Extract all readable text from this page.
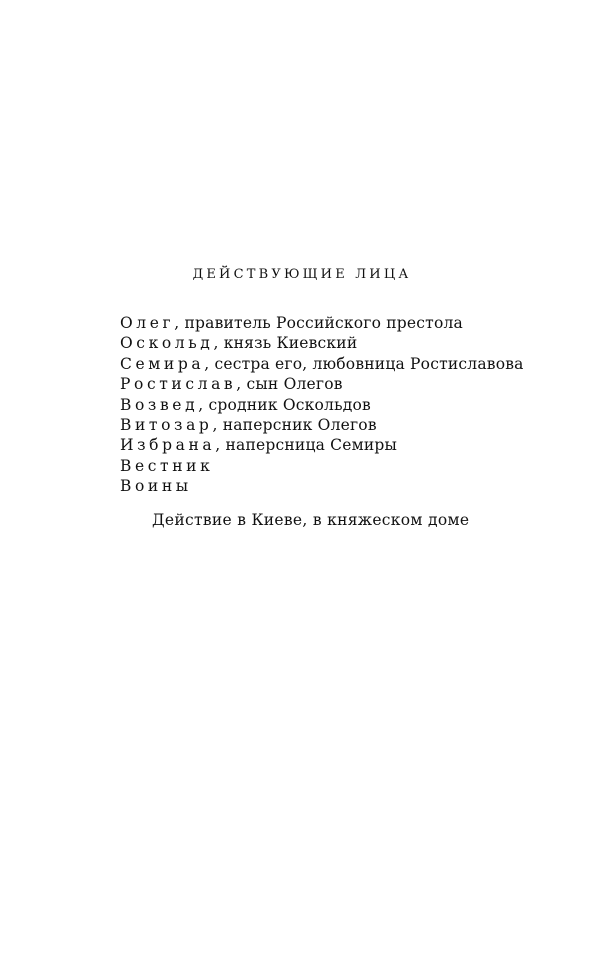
ДЕЙСТВУЮЩИЕ ЛИЦА
Олег, правитель Российского престола
Оскольд, князь Киевский
Семира, сестра его, любовница Ростиславова
Ростислав, сын Олегов
Возвед, сродник Оскольдов
Витозар, наперсник Олегов
Избрана, наперсница Семиры
Вестник
Воины
Действие в Киеве, в княжеском доме
